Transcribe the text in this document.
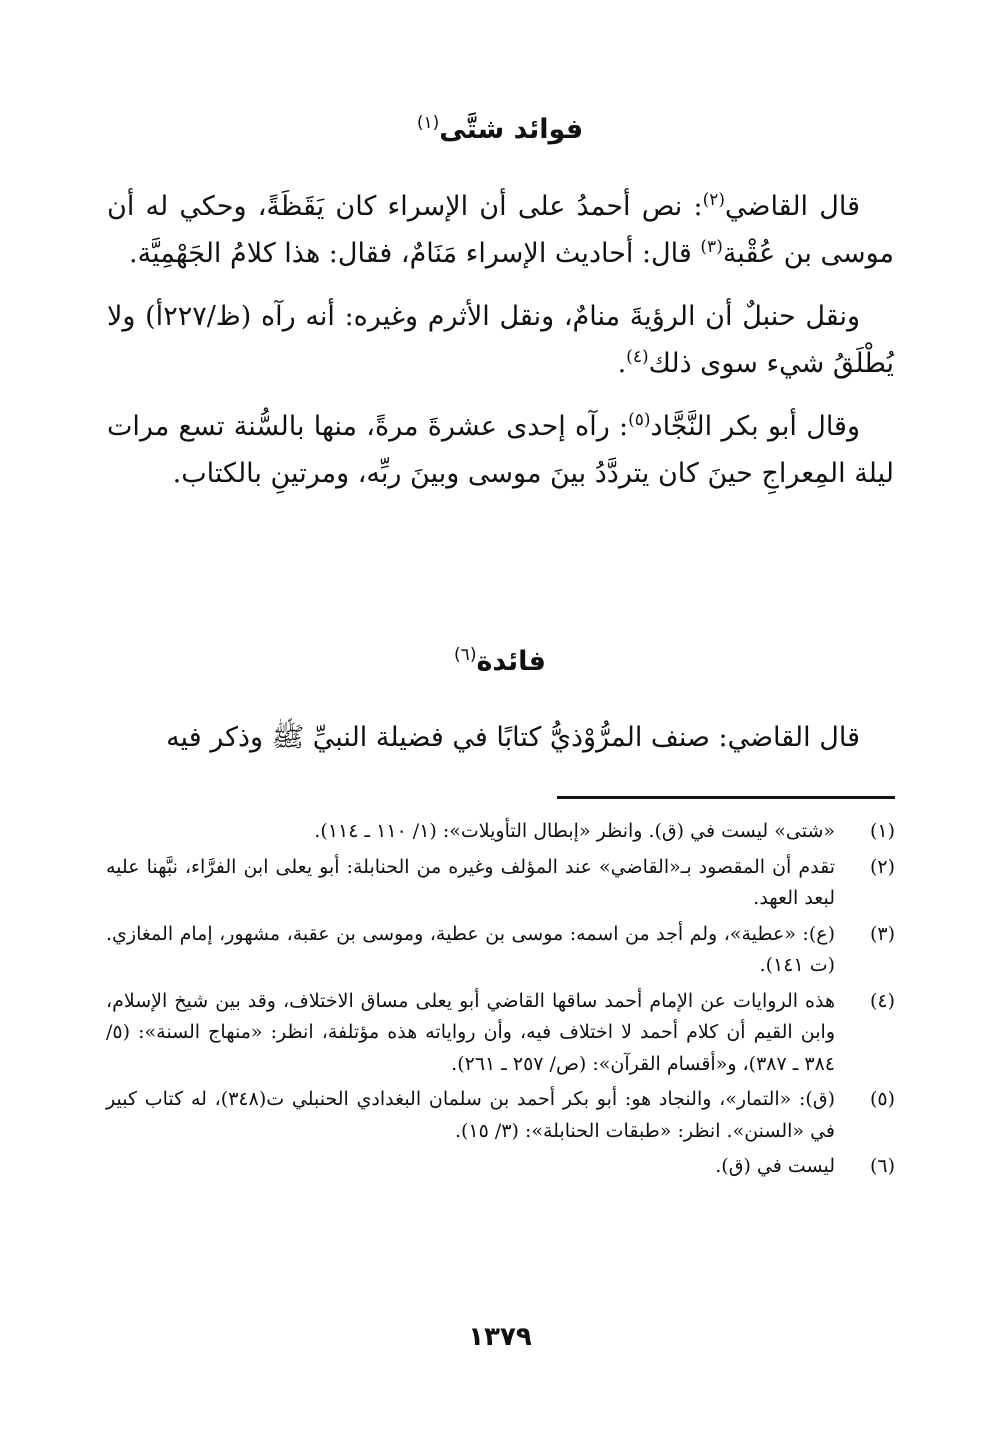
فوائد شتَّى$^{(١)}$

قال القاضي$^{(٢)}$: نص أحمدُ على أن الإسراء كان يَقَظَةً، وحكي له أن موسى بن عُقْبة$^{(٣)}$ قال: أحاديث الإسراء مَنَامٌ، فقال: هذا كلامُ الجَهْمِيَّة.

ونقل حنبلٌ أن الرؤيةَ منامٌ، ونقل الأثرم وغيره: أنه رآه (ظ/٢٢٧أ) ولا يُطْلَقُ شيء سوى ذلك$^{(٤)}$.

وقال أبو بكر النَّجَّاد$^{(٥)}$: رآه إحدى عشرةَ مرةً، منها بالسُّنة تسع مرات ليلة المِعراجِ حينَ كان يتردَّدُ بينَ موسى وبينَ ربِّه، ومرتينِ بالكتاب.

فائدة$^{(٦)}$

قال القاضي: صنف المرُّوْذيُّ كتابًا في فضيلة النبيِّ ﷺ وذكر فيه

(١)
«شتى» ليست في (ق). وانظر «إبطال التأويلات»: (١/ ١١٠ ـ ١١٤).
(٢)
تقدم أن المقصود بـ«القاضي» عند المؤلف وغيره من الحنابلة: أبو يعلى ابن الفرَّاء، نبَّهنا عليه لبعد العهد.
(٣)
(ع): «عطية»، ولم أجد من اسمه: موسى بن عطية، وموسى بن عقبة، مشهور، إمام المغازي. (ت ١٤١).
(٤)
هذه الروايات عن الإمام أحمد ساقها القاضي أبو يعلى مساق الاختلاف، وقد بين شيخ الإسلام، وابن القيم أن كلام أحمد لا اختلاف فيه، وأن رواياته هذه مؤتلفة، انظر: «منهاج السنة»: (٥/ ٣٨٤ ـ ٣٨٧)، و«أقسام القرآن»: (ص/ ٢٥٧ ـ ٢٦١).
(٥)
(ق): «التمار»، والنجاد هو: أبو بكر أحمد بن سلمان البغدادي الحنبلي ت(٣٤٨)، له كتاب كبير في «السنن». انظر: «طبقات الحنابلة»: (٣/ ١٥).
(٦)
ليست في (ق).
١٣٧٩
